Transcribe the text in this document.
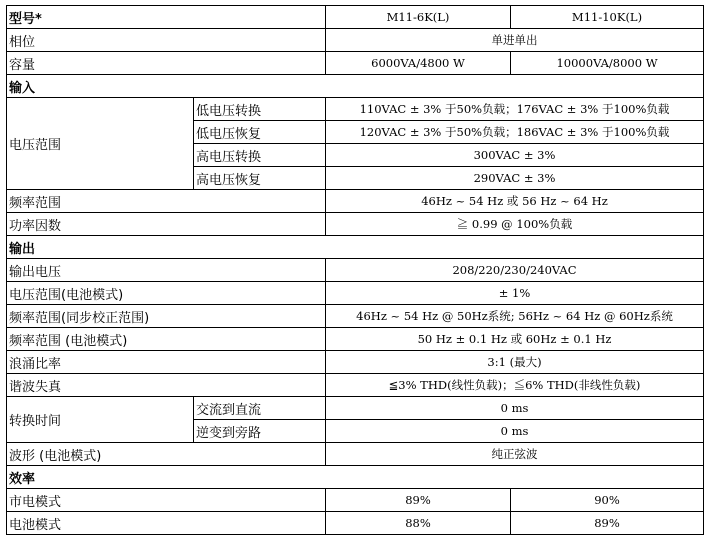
型号*		M11-6K(L)	M11-10K(L)
相位		单进单出	
容量		6000VA/4800 W	10000VA/8000 W
输入			
电压范围	低电压转换	110VAC ± 3% 于50%负载；176VAC ± 3% 于100%负载	
	低电压恢复	120VAC ± 3% 于50%负载；186VAC ± 3% 于100%负载	
	高电压转换	300VAC ± 3%	
	高电压恢复	290VAC ± 3%	
频率范围		46Hz ~ 54 Hz 或 56 Hz ~ 64 Hz	
功率因数		≧ 0.99 @ 100%负载	
输出			
输出电压		208/220/230/240VAC	
电压范围(电池模式)		± 1%	
频率范围(同步校正范围)		46Hz ~ 54 Hz @ 50Hz系统; 56Hz ~ 64 Hz @ 60Hz系统	
频率范围 (电池模式)		50 Hz ± 0.1 Hz 或 60Hz ± 0.1 Hz	
浪涌比率		3:1 (最大)	
谐波失真		≦3% THD(线性负载)；≦6% THD(非线性负载)	
转换时间	交流到直流	0 ms	
	逆变到旁路	0 ms	
波形 (电池模式)		纯正弦波	
效率			
市电模式		89%	90%
电池模式		88%	89%
